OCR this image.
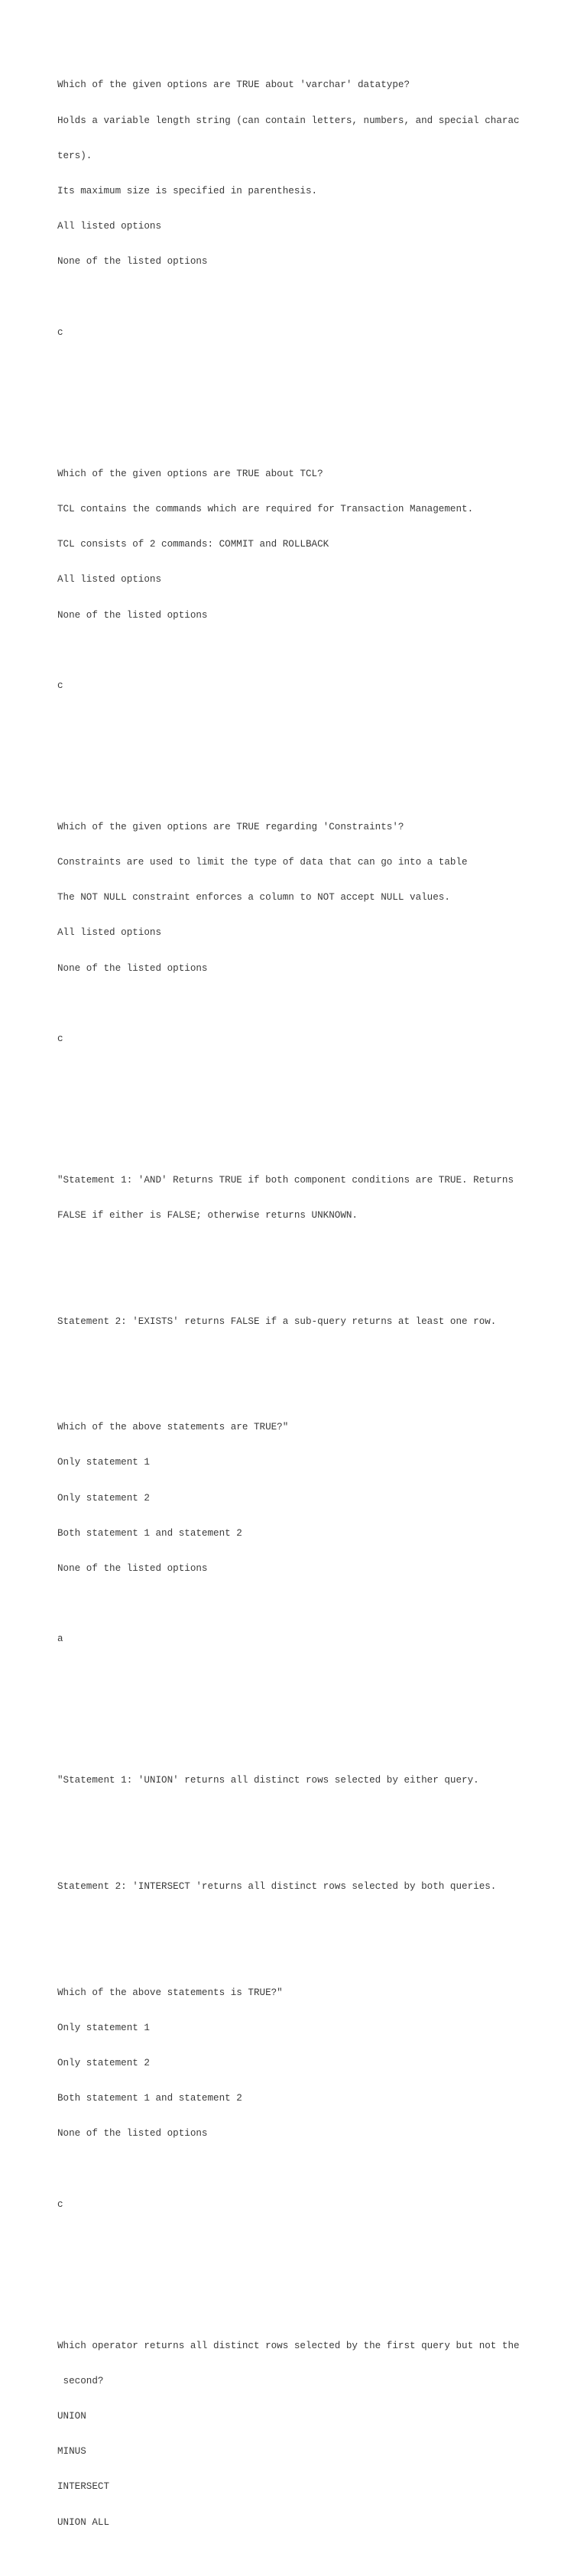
Which of the given options are TRUE about 'varchar' datatype?

Holds a variable length string (can contain letters, numbers, and special charac

ters).

Its maximum size is specified in parenthesis.

All listed options

None of the listed options

c

Which of the given options are TRUE about TCL?

TCL contains the commands which are required for Transaction Management.

TCL consists of 2 commands: COMMIT and ROLLBACK

All listed options

None of the listed options

c

Which of the given options are TRUE regarding 'Constraints'?

Constraints are used to limit the type of data that can go into a table

The NOT NULL constraint enforces a column to NOT accept NULL values.

All listed options

None of the listed options

c

"Statement 1: 'AND' Returns TRUE if both component conditions are TRUE. Returns

FALSE if either is FALSE; otherwise returns UNKNOWN.

Statement 2: 'EXISTS' returns FALSE if a sub-query returns at least one row.

Which of the above statements are TRUE?"

Only statement 1

Only statement 2

Both statement 1 and statement 2

None of the listed options

a

"Statement 1: 'UNION' returns all distinct rows selected by either query.

Statement 2: 'INTERSECT 'returns all distinct rows selected by both queries.

Which of the above statements is TRUE?"

Only statement 1

Only statement 2

Both statement 1 and statement 2

None of the listed options

c

Which operator returns all distinct rows selected by the first query but not the

second?

UNION

MINUS

INTERSECT

UNION ALL
